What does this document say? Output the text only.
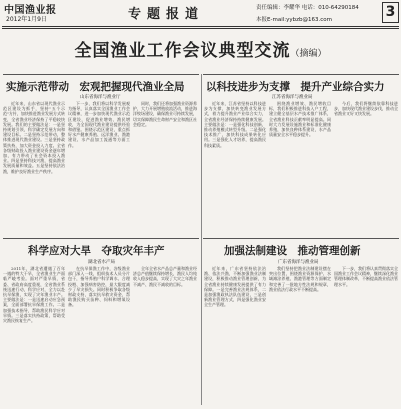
中国渔业报
2012年1月9日	专题报道	责任编辑：李耀华 电话：010-64290184
本报E-mail:yybzb@163.com	3
全国渔业工作会议典型交流（摘编）
实施示范带动　宏观把握现代渔业全局
山东省海洋与渔业厅

近年来，山东省以现代渔业示范区建设为抓手，坚持"五个示范"方针，加快推进渔业发展方式转变，全省渔业经济保持了平稳较快发展。我们的主要做法是：一是坚持规划引领，科学确定发展方向和建设目标。二是坚持示范带动，整体推进现代渔业建设。三是坚持政策扶持，加大资金投入力度。全省各级财政投入渔业建设资金逐年增加，有力带动了社会资本投入渔业。四是坚持科技兴渔，提高渔业发展质量和效益。五是坚持依法治渔，维护良好渔业生产秩序。

下一步，我们将以科学发展观为指导，认真落实全国渔业工作会议精神，进一步加快现代渔业示范区建设，促进渔业增效、渔民增收，为全国现代渔业建设提供经验和借鉴。围绕示范区建设，重点抓好水产健康养殖、远洋渔业、渔港建设、水产品加工流通等方面工作。

同时，我们还将加强渔业资源养护，大力开展增殖放流活动，推进海洋牧场建设，确保渔业可持续发展，切实保障渔民生命财产安全和渔区社会稳定。

以科技进步为支撑　提升产业综合实力
江苏省海洋与渔业局

近年来，江苏省坚持以科技进步为支撑，加快转变渔业发展方式，着力提升渔业产业综合实力，全省渔业经济保持持续健康发展。主要做法是：一是强化科技创新，推动养殖模式转型升级。二是强化技术推广，加快科技成果转化应用。三是强化人才培养，提高渔民科技素质。

围绕渔业增效、渔民增收目标，我们积极推进科技入户工程，建立健全基层水产技术推广体系，全省渔业科技贡献率明显提高。同时大力发展设施渔业和标准化健康养殖，加快良种体系建设，水产品质量安全水平稳步提升。

今后，我们将继续依靠科技进步，加快现代渔业建设步伐，推动全省渔业又好又快发展。

科学应对大旱　夺取灾年丰产
湖北省水产局

2011年，湖北省遭遇了百年一遇的特大干旱，全省渔业生产面临严峻考验。面对严重旱情，省委、省政府高度重视，全省渔业系统迅速行动，科学应对，全力以赴抗旱保渔，实现了灾年渔业丰产。主要做法是：一是迅速启动应急预案，全面部署抗旱保渔工作。二是加强技术指导，帮助渔民科学应对旱情。三是落实扶持政策，帮助受灾渔民恢复生产。

在抗旱保渔工作中，各级渔业部门深入一线，组织技术人员分片包干，指导养殖户科学调水、合理投喂、加强病害防控，最大限度减少了旱灾损失。同时积极争取各级财政支持，落实抗旱救灾资金，帮助渔民购买苗种、饲料和增氧设备。

全年全省水产品总产量和渔业经济总产值继续保持增长，渔民人均纯收入稳步提高，实现了大灾之年渔业不减产、渔民不减收的目标。

加强法制建设　推动管理创新
广东省海洋与渔业局

近年来，广东省坚持依法治渔、依法兴渔，不断加强渔业法制建设，积极推动渔业管理创新，为全省渔业持续健康发展提供了有力保障。一是完善渔业法规体系，二是加强渔政执法队伍建设，三是创新渔业管理方式，四是强化渔业安全生产管理。

我们坚持把渔业法制建设摆在突出位置，围绕渔业资源保护、水域滩涂养殖、渔港管理等方面制定和完善了一批地方性法规和规章，渔业依法行政水平不断提高。

下一步，我们将认真贯彻落实全国渔业工作会议精神，继续深化渔业管理体制改革，不断提高渔业依法管理水平。
